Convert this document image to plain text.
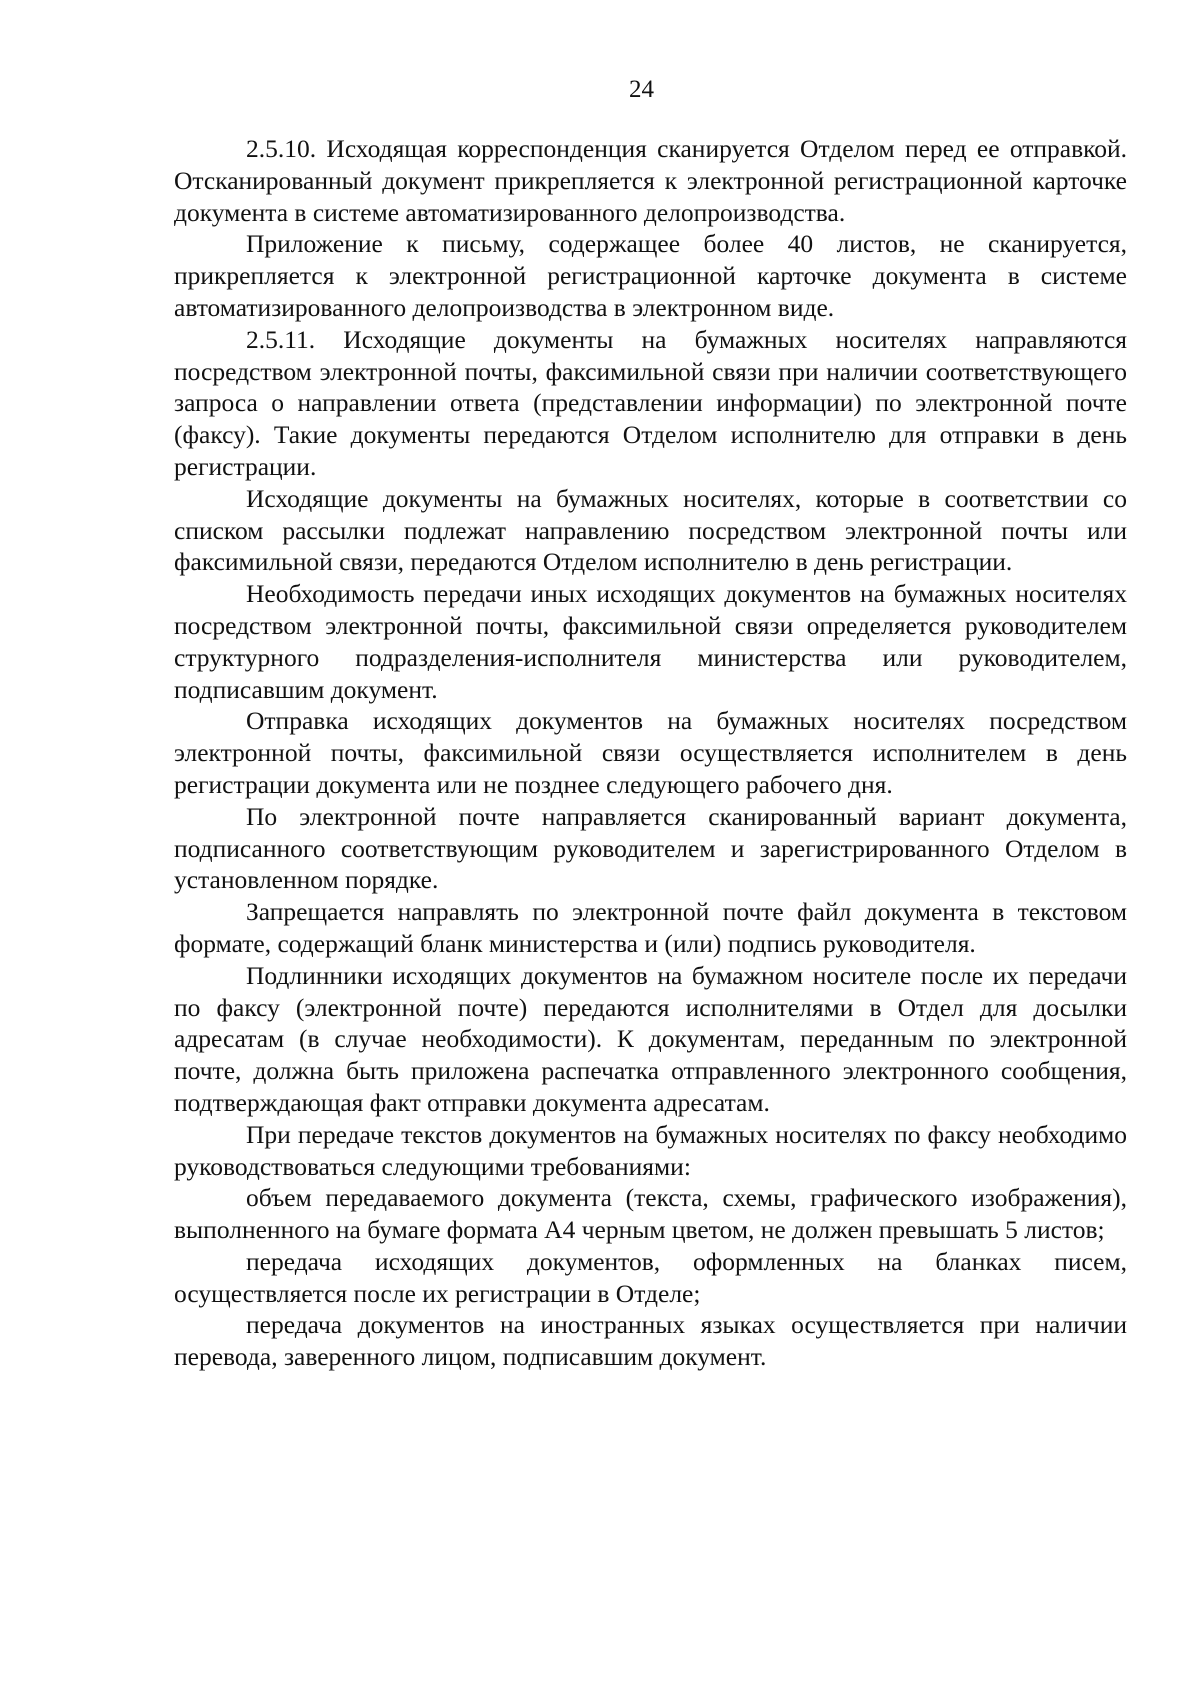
24

2.5.10. Исходящая корреспонденция сканируется Отделом перед ее отправкой. Отсканированный документ прикрепляется к электронной регистрационной карточке документа в системе автоматизированного делопроизводства.

Приложение к письму, содержащее более 40 листов, не сканируется, прикрепляется к электронной регистрационной карточке документа в системе автоматизированного делопроизводства в электронном виде.

2.5.11. Исходящие документы на бумажных носителях направляются посредством электронной почты, факсимильной связи при наличии соответствующего запроса о направлении ответа (представлении информации) по электронной почте (факсу). Такие документы передаются Отделом исполнителю для отправки в день регистрации.

Исходящие документы на бумажных носителях, которые в соответствии со списком рассылки подлежат направлению посредством электронной почты или факсимильной связи, передаются Отделом исполнителю в день регистрации.

Необходимость передачи иных исходящих документов на бумажных носителях посредством электронной почты, факсимильной связи определяется руководителем структурного подразделения-исполнителя министерства или руководителем, подписавшим документ.

Отправка исходящих документов на бумажных носителях посредством электронной почты, факсимильной связи осуществляется исполнителем в день регистрации документа или не позднее следующего рабочего дня.

По электронной почте направляется сканированный вариант документа, подписанного соответствующим руководителем и зарегистрированного Отделом в установленном порядке.

Запрещается направлять по электронной почте файл документа в текстовом формате, содержащий бланк министерства и (или) подпись руководителя.

Подлинники исходящих документов на бумажном носителе после их передачи по факсу (электронной почте) передаются исполнителями в Отдел для досылки адресатам (в случае необходимости). К документам, переданным по электронной почте, должна быть приложена распечатка отправленного электронного сообщения, подтверждающая факт отправки документа адресатам.

При передаче текстов документов на бумажных носителях по факсу необходимо руководствоваться следующими требованиями:

объем передаваемого документа (текста, схемы, графического изображения), выполненного на бумаге формата А4 черным цветом, не должен превышать 5 листов;

передача исходящих документов, оформленных на бланках писем, осуществляется после их регистрации в Отделе;

передача документов на иностранных языках осуществляется при наличии перевода, заверенного лицом, подписавшим документ.
